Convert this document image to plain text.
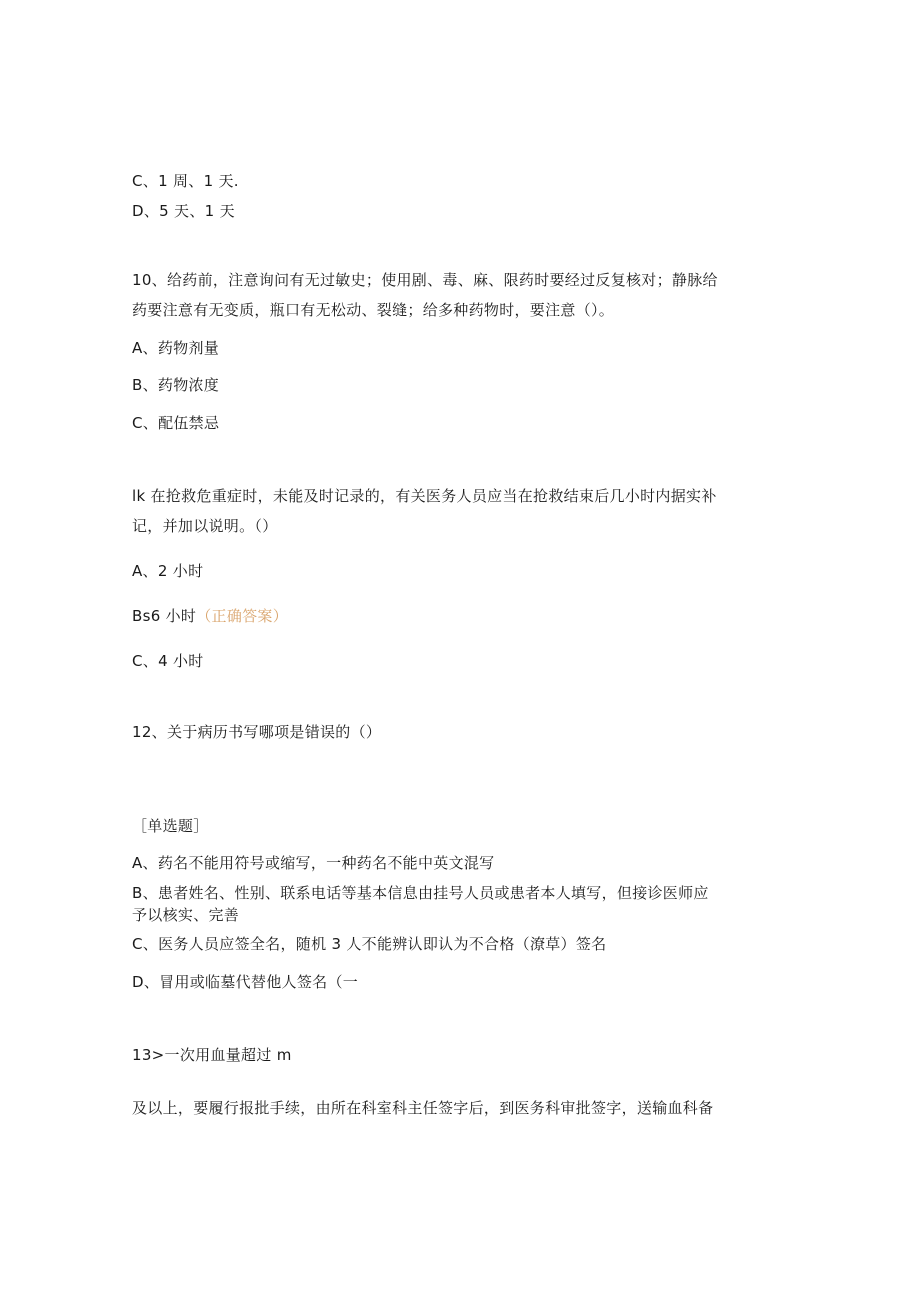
C、1 周、1 天.
D、5 天、1 天
10、给药前，注意询问有无过敏史；使用剧、毒、麻、限药时要经过反复核对；静脉给
药要注意有无变质，瓶口有无松动、裂缝；给多种药物时，要注意（）。
A、药物剂量
B、药物浓度
C、配伍禁忌
lk 在抢救危重症时，未能及时记录的，有关医务人员应当在抢救结束后几小时内据实补
记，并加以说明。（）
A、2 小时
Bs6 小时（正确答案）
C、4 小时
12、关于病历书写哪项是错误的（）
［单选题］
A、药名不能用符号或缩写，一种药名不能中英文混写
B、患者姓名、性别、联系电话等基本信息由挂号人员或患者本人填写，但接诊医师应
予以核实、完善
C、医务人员应签全名，随机 3 人不能辨认即认为不合格（潦草）签名
D、冒用或临墓代替他人签名（一
13>一次用血量超过 m
及以上，要履行报批手续，由所在科室科主任签字后，到医务科审批签字，送输血科备
